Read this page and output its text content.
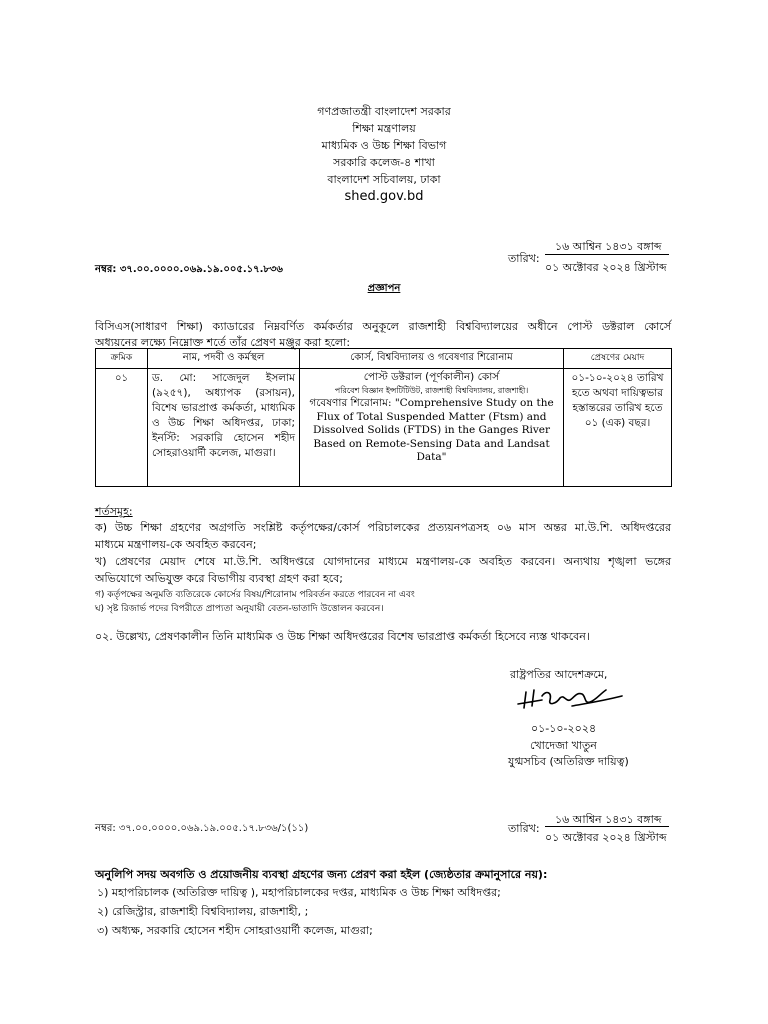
গণপ্রজাতন্ত্রী বাংলাদেশ সরকার
শিক্ষা মন্ত্রণালয়
মাধ্যমিক ও উচ্চ শিক্ষা বিভাগ
সরকারি কলেজ-৪ শাখা
বাংলাদেশ সচিবালয়, ঢাকা
shed.gov.bd
১৬ আশ্বিন ১৪৩১ বঙ্গাব্দ
তারিখ:
০১ অক্টোবর ২০২৪ খ্রিস্টাব্দ
নম্বর: ৩৭.০০.০০০০.০৬৯.১৯.০০৫.১৭.৮৩৬
প্রজ্ঞাপন
বিসিএস(সাধারণ শিক্ষা) ক্যাডারের নিম্নবর্ণিত কর্মকর্তার অনুকূলে রাজশাহী বিশ্ববিদ্যালয়ের অধীনে পোস্ট ডক্টরাল কোর্সে
অধ্যয়নের লক্ষ্যে নিম্নোক্ত শর্তে তাঁর প্রেষণ মঞ্জুর করা হলো:
ক্রমিক	নাম, পদবী ও কর্মস্থল	কোর্স, বিশ্ববিদ্যালয় ও গবেষণার শিরোনাম	প্রেষণের মেয়াদ
০১	ড. মো: সাজেদুল ইসলাম (৯২৫৭), অধ্যাপক (রসায়ন), বিশেষ ভারপ্রাপ্ত কর্মকর্তা, মাধ্যমিক ও উচ্চ শিক্ষা অধিদপ্তর, ঢাকা; ইনস্টি: সরকারি হোসেন শহীদ সোহরাওয়ার্দী কলেজ, মাগুরা।	পোস্ট ডক্টরাল (পূর্ণকালীন) কোর্স
পরিবেশ বিজ্ঞান ইন্সটিটিউট, রাজশাহী বিশ্ববিদ্যালয়, রাজশাহী।
গবেষণার শিরোনাম: "Comprehensive Study on the Flux of Total Suspended Matter (Ftsm) and Dissolved Solids (FTDS) in the Ganges River Based on Remote-Sensing Data and Landsat Data"	০১-১০-২০২৪ তারিখ হতে অথবা দায়িত্বভার হস্তান্তরের তারিখ হতে ০১ (এক) বছর।
শর্তসমূহ:
ক) উচ্চ শিক্ষা গ্রহণের অগ্রগতি সংশ্লিষ্ট কর্তৃপক্ষের/কোর্স পরিচালকের প্রত্যয়নপত্রসহ ০৬ মাস অন্তর মা.উ.শি. অধিদপ্তরের
মাধ্যমে মন্ত্রণালয়-কে অবহিত করবেন;
খ) প্রেষণের মেয়াদ শেষে মা.উ.শি. অধিদপ্তরে যোগদানের মাধ্যমে মন্ত্রণালয়-কে অবহিত করবেন। অন্যথায় শৃঙ্খলা ভঙ্গের
অভিযোগে অভিযুক্ত করে বিভাগীয় ব্যবস্থা গ্রহণ করা হবে;
গ) কর্তৃপক্ষের অনুমতি ব্যতিরেকে কোর্সের বিষয়/শিরোনাম পরিবর্তন করতে পারবেন না এবং
ঘ) সৃষ্ট রিজার্ভ পদের বিপরীতে প্রাপ্যতা অনুযায়ী বেতন-ভাতাদি উত্তোলন করবেন।
০২. উল্লেখ্য, প্রেষণকালীন তিনি মাধ্যমিক ও উচ্চ শিক্ষা অধিদপ্তরের বিশেষ ভারপ্রাপ্ত কর্মকর্তা হিসেবে ন্যস্ত থাকবেন।
রাষ্ট্রপতির আদেশক্রমে,
০১-১০-২০২৪
খোদেজা খাতুন
যুগ্মসচিব (অতিরিক্ত দায়িত্ব)
১৬ আশ্বিন ১৪৩১ বঙ্গাব্দ
তারিখ:
০১ অক্টোবর ২০২৪ খ্রিস্টাব্দ
নম্বর: ৩৭.০০.০০০০.০৬৯.১৯.০০৫.১৭.৮৩৬/১(১১)
অনুলিপি সদয় অবগতি ও প্রয়োজনীয় ব্যবস্থা গ্রহণের জন্য প্রেরণ করা হইল (জ্যেষ্ঠতার ক্রমানুসারে নয়):
১) মহাপরিচালক (অতিরিক্ত দায়িত্ব ), মহাপরিচালকের দপ্তর, মাধ্যমিক ও উচ্চ শিক্ষা অধিদপ্তর;
২) রেজিস্ট্রার, রাজশাহী বিশ্ববিদ্যালয়, রাজশাহী, ;
৩) অধ্যক্ষ, সরকারি হোসেন শহীদ সোহরাওয়ার্দী কলেজ, মাগুরা;
